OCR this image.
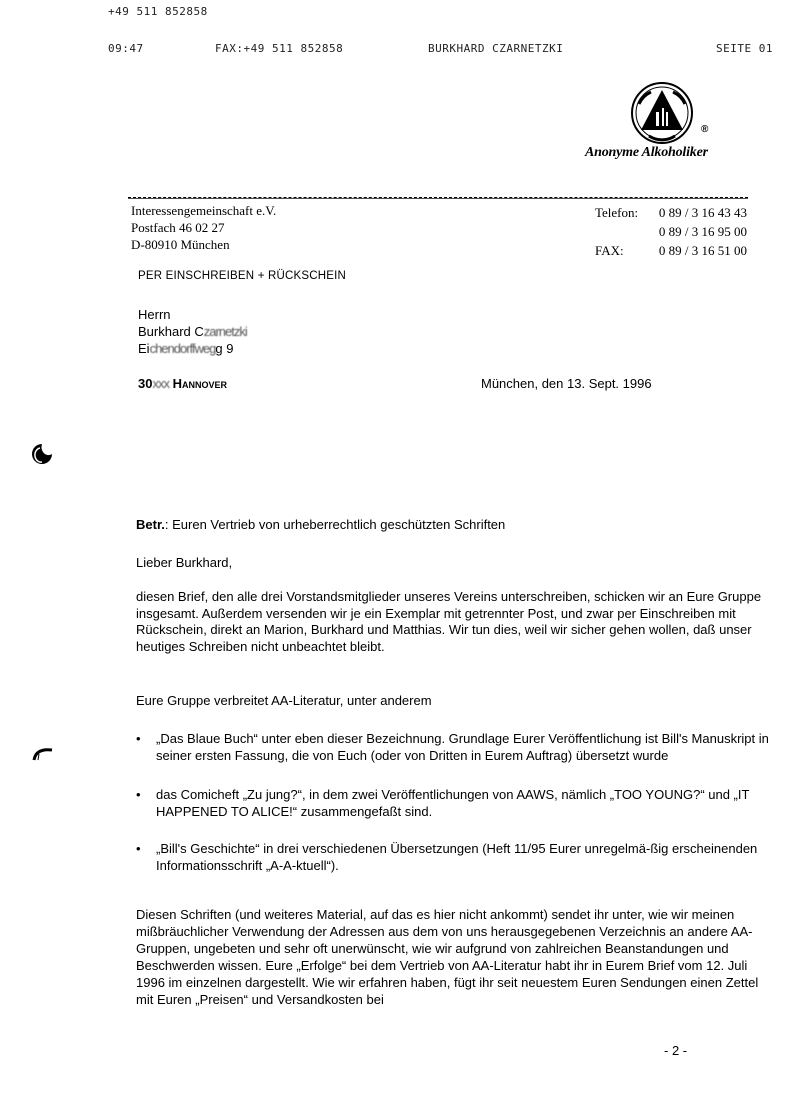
+49 511 852858
09:47	FAX:+49 511 852858	BURKHARD CZARNETZKI	SEITE 01
®
Anonyme Alkoholiker
Interessengemeinschaft e.V.
Postfach 46 02 27
D-80910 München
Telefon:	0 89 / 3 16 43 43
0 89 / 3 16 95 00
FAX:	0 89 / 3 16 51 00
PER EINSCHREIBEN + RÜCKSCHEIN
Herrn
Burkhard Czarnetzki
Eichendorffwegg 9
30xxx Hannover	München, den 13. Sept. 1996
Betr.: Euren Vertrieb von urheberrechtlich geschützten Schriften
Lieber Burkhard,
diesen Brief, den alle drei Vorstandsmitglieder unseres Vereins unterschreiben, schicken wir an Eure Gruppe insgesamt. Außerdem versenden wir je ein Exemplar mit getrennter Post, und zwar per Einschreiben mit Rückschein, direkt an Marion, Burkhard und Matthias. Wir tun dies, weil wir sicher gehen wollen, daß unser heutiges Schreiben nicht unbeachtet bleibt.
Eure Gruppe verbreitet AA-Literatur, unter anderem
• „Das Blaue Buch“ unter eben dieser Bezeichnung. Grundlage Eurer Veröffentlichung ist Bill's Manuskript in seiner ersten Fassung, die von Euch (oder von Dritten in Eurem Auftrag) übersetzt wurde
• das Comicheft „Zu jung?“, in dem zwei Veröffentlichungen von AAWS, nämlich „TOO YOUNG?“ und „IT HAPPENED TO ALICE!“ zusammengefaßt sind.
• „Bill's Geschichte“ in drei verschiedenen Übersetzungen (Heft 11/95 Eurer unregelmä-ßig erscheinenden Informationsschrift „A-A-ktuell“).
Diesen Schriften (und weiteres Material, auf das es hier nicht ankommt) sendet ihr unter, wie wir meinen mißbräuchlicher Verwendung der Adressen aus dem von uns herausgegebenen Verzeichnis an andere AA-Gruppen, ungebeten und sehr oft unerwünscht, wie wir aufgrund von zahlreichen Beanstandungen und Beschwerden wissen. Eure „Erfolge“ bei dem Vertrieb von AA-Literatur habt ihr in Eurem Brief vom 12. Juli 1996 im einzelnen dargestellt. Wie wir erfahren haben, fügt ihr seit neuestem Euren Sendungen einen Zettel mit Euren „Preisen“ und Versandkosten bei
- 2 -
